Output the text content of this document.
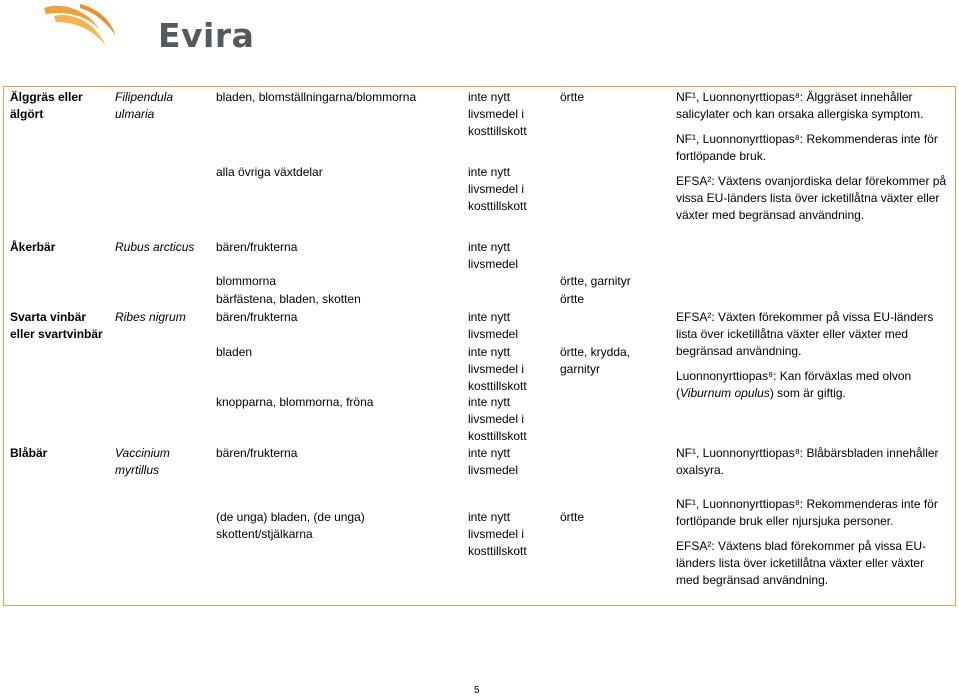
Evira
Älggräs eller
älgört
Åkerbär
Svarta vinbär
eller svartvinbär
Blåbär
Filipendula
ulmaria
Rubus arcticus
Ribes nigrum
Vaccinium
myrtillus
bladen, blomställningarna/blommorna
alla övriga växtdelar
bären/frukterna
blommorna
bärfästena, bladen, skotten
bären/frukterna
bladen
knopparna, blommorna, fröna
bären/frukterna
(de unga) bladen, (de unga)
skottent/stjälkarna
inte nytt
livsmedel i
kosttillskott
inte nytt
livsmedel i
kosttillskott
inte nytt
livsmedel
inte nytt
livsmedel
inte nytt
livsmedel i
kosttillskott
inte nytt
livsmedel i
kosttillskott
inte nytt
livsmedel
inte nytt
livsmedel i
kosttillskott
örtte
örtte, garnityr
örtte
örtte, krydda,
garnityr
örtte

NF¹, Luonnonyrttiopas⁸: Älggräset innehåller salicylater och kan orsaka allergiska symptom.

NF¹, Luonnonyrttiopas⁸: Rekommenderas inte för fortlöpande bruk.

EFSA²: Växtens ovanjordiska delar förekommer på vissa EU-länders lista över icketillåtna växter eller växter med begränsad användning.

EFSA²: Växten förekommer på vissa EU-länders lista över icketillåtna växter eller växter med begränsad användning.

Luonnonyrttiopas⁸: Kan förväxlas med olvon (Viburnum opulus) som är giftig.

NF¹, Luonnonyrttiopas⁸: Blåbärsbladen innehåller oxalsyra.

NF¹, Luonnonyrttiopas⁸: Rekommenderas inte för fortlöpande bruk eller njursjuka personer.

EFSA²: Växtens blad förekommer på vissa EU-länders lista över icketillåtna växter eller växter med begränsad användning.

5
